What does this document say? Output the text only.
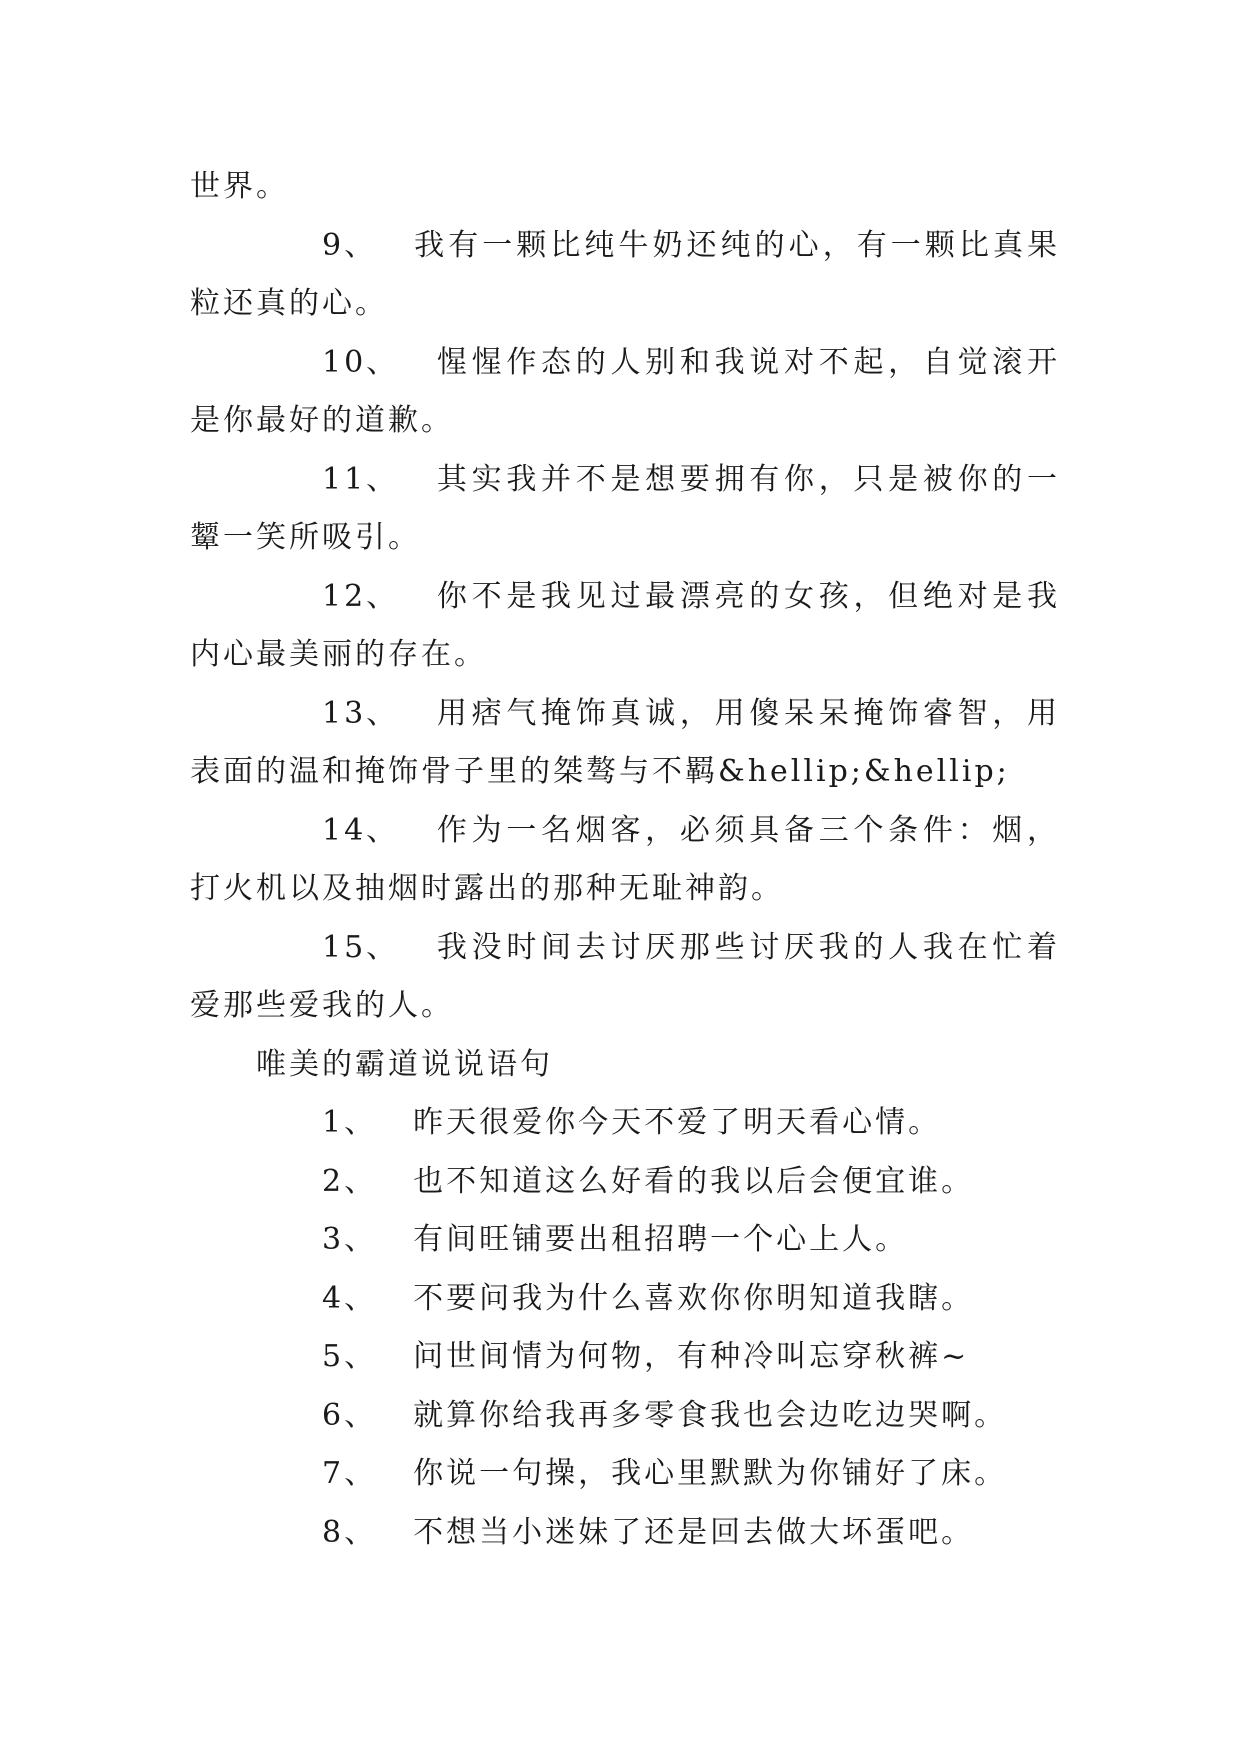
世界。

9、 我有一颗比纯牛奶还纯的心，有一颗比真果粒还真的心。

10、 惺惺作态的人别和我说对不起，自觉滚开是你最好的道歉。

11、 其实我并不是想要拥有你，只是被你的一颦一笑所吸引。

12、 你不是我见过最漂亮的女孩，但绝对是我内心最美丽的存在。

13、 用痞气掩饰真诚，用傻呆呆掩饰睿智，用表面的温和掩饰骨子里的桀骜与不羁&hellip;&hellip;

14、 作为一名烟客，必须具备三个条件：烟，打火机以及抽烟时露出的那种无耻神韵。

15、 我没时间去讨厌那些讨厌我的人我在忙着爱那些爱我的人。

唯美的霸道说说语句

1、 昨天很爱你今天不爱了明天看心情。

2、 也不知道这么好看的我以后会便宜谁。

3、 有间旺铺要出租招聘一个心上人。

4、 不要问我为什么喜欢你你明知道我瞎。

5、 问世间情为何物，有种冷叫忘穿秋裤~

6、 就算你给我再多零食我也会边吃边哭啊。

7、 你说一句操，我心里默默为你铺好了床。

8、 不想当小迷妹了还是回去做大坏蛋吧。
